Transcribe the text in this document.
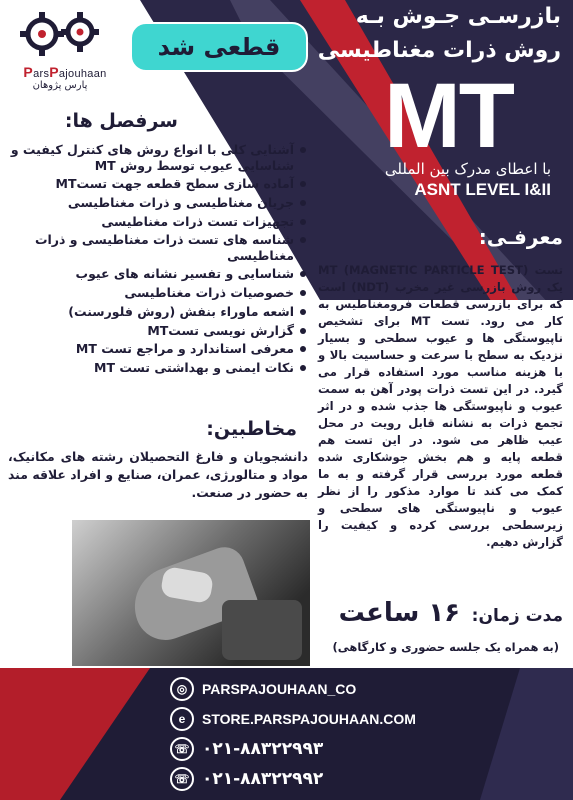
ParsPajouhaan
پارس پژوهان
بازرسـی جـوش بـه
روش ذرات مغناطیسی
قطعی شد
MT
با اعطای مدرک بین المللی
ASNT LEVEL I&II
سرفصل ها:
آشنایی کلی با انواع روش های کنترل کیفیت و شناسایی عیوب توسط روش MT
آماده سازی سطح قطعه جهت تستMT
جریان مغناطیسی و ذرات مغناطیسی
تجهیزات تست ذرات مغناطیسی
شناسه های تست ذرات مغناطیسی و ذرات مغناطیسی
شناسایی و تفسیر نشانه های عیوب
خصوصیات ذرات مغناطیسی
اشعه ماوراء بنفش (روش فلورسنت)
گزارش نویسی تستMT
معرفی استاندارد و مراجع تست MT
نکات ایمنی و بهداشتی تست MT
معرفـی:
تست (MT (MAGNETIC PARTICLE TEST یک روش بازرسی غیر مخرب (NDT) است که برای بازرسی قطعات فرومغناطیس به کار می رود. تست MT برای تشخیص ناپیوستگی ها و عیوب سطحی و بسیار نزدیک به سطح با سرعت و حساسیت بالا و با هزینه مناسب مورد استفاده قرار می گیرد. در این تست ذرات پودر آهن به سمت عیوب و ناپیوستگی ها جذب شده و در اثر تجمع ذرات به نشانه قابل رویت در محل عیب ظاهر می شود. در این تست هم قطعه پایه و هم بخش جوشکاری شده قطعه مورد بررسی قرار گرفته و به ما کمک می کند تا موارد مذکور را از نظر عیوب و ناپیوستگی های سطحی و زیرسطحی بررسی کرده و کیفیت را گزارش دهیم.
مخاطبین:
دانشجویان و فارغ التحصیلان رشته های مکانیک، مواد و متالورژی، عمران، صنایع و افراد علاقه مند به حضور در صنعت.
مدت زمان: ۱۶ ساعت
(به همراه یک جلسه حضوری و کارگاهی)
◎	PARSPAJOUHAAN_CO
e	STORE.PARSPAJOUHAAN.COM
☏ ۰۲۱-۸۸۳۲۲۹۹۳
☏ ۰۲۱-۸۸۳۲۲۹۹۲
